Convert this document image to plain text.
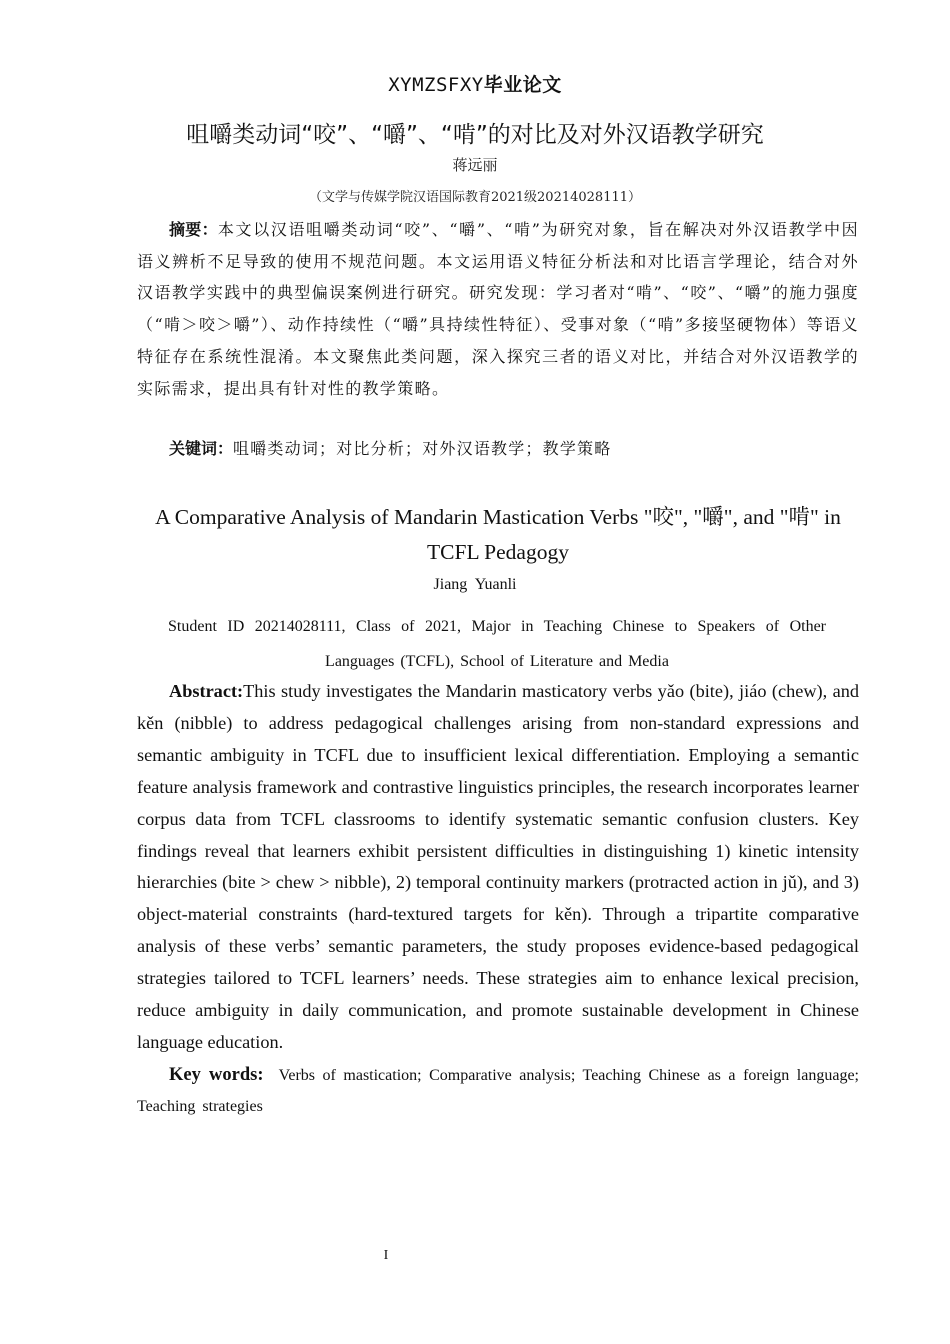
XYMZSFXY毕业论文
咀嚼类动词“咬”、“嚼”、“啃”的对比及对外汉语教学研究
蒋远丽
（文学与传媒学院汉语国际教育2021级20214028111）
摘要：本文以汉语咀嚼类动词“咬”、“嚼”、“啃”为研究对象，旨在解决对外汉语教学中因语义辨析不足导致的使用不规范问题。本文运用语义特征分析法和对比语言学理论，结合对外汉语教学实践中的典型偏误案例进行研究。研究发现：学习者对“啃”、“咬”、“嚼”的施力强度（“啃＞咬＞嚼”）、动作持续性（“嚼”具持续性特征）、受事对象（“啃”多接坚硬物体）等语义特征存在系统性混淆。本文聚焦此类问题，深入探究三者的语义对比，并结合对外汉语教学的实际需求，提出具有针对性的教学策略。
关键词：咀嚼类动词；对比分析；对外汉语教学；教学策略
A Comparative Analysis of Mandarin Mastication Verbs "咬", "嚼", and "啃" in TCFL Pedagogy
Jiang Yuanli
Student ID 20214028111, Class of 2021, Major in Teaching Chinese to Speakers of Other Languages (TCFL), School of Literature and Media
Abstract:This study investigates the Mandarin masticatory verbs yǎo (bite), jiáo (chew), and kěn (nibble) to address pedagogical challenges arising from non-standard expressions and semantic ambiguity in TCFL due to insufficient lexical differentiation. Employing a semantic feature analysis framework and contrastive linguistics principles, the research incorporates learner corpus data from TCFL classrooms to identify systematic semantic confusion clusters. Key findings reveal that learners exhibit persistent difficulties in distinguishing 1) kinetic intensity hierarchies (bite > chew > nibble), 2) temporal continuity markers (protracted action in jǔ), and 3) object-material constraints (hard-textured targets for kěn). Through a tripartite comparative analysis of these verbs’ semantic parameters, the study proposes evidence-based pedagogical strategies tailored to TCFL learners’ needs. These strategies aim to enhance lexical precision, reduce ambiguity in daily communication, and promote sustainable development in Chinese language education.
Key words: Verbs of mastication; Comparative analysis; Teaching Chinese as a foreign language; Teaching strategies
I
